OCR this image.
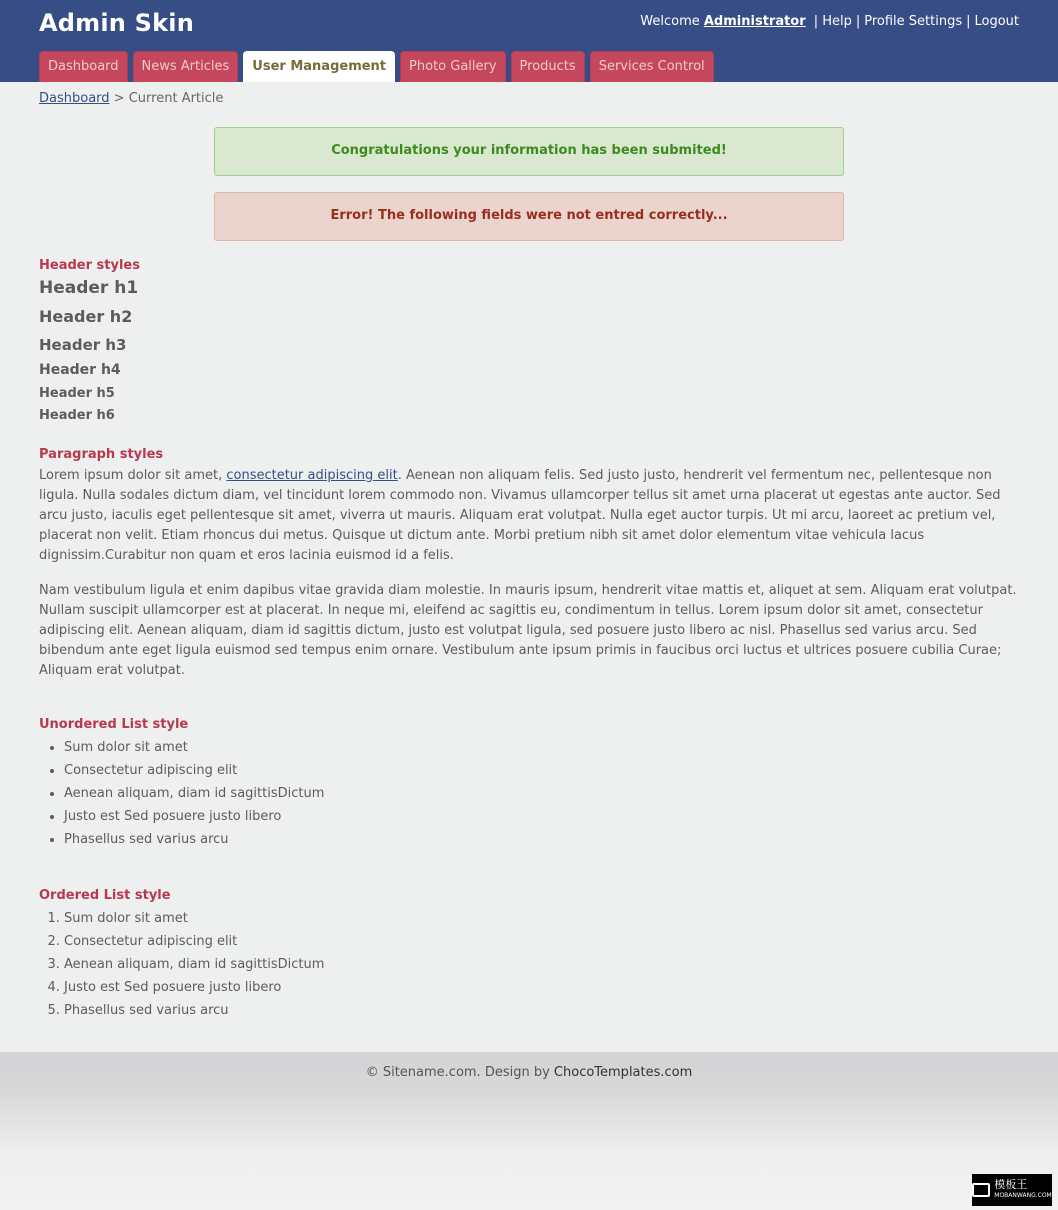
Admin Skin	Welcome Administrator | Help | Profile Settings | Logout
Dashboard	News Articles	User Management	Photo Gallery	Products	Services Control
Dashboard > Current Article
Congratulations your information has been submited!
Error! The following fields were not entred correctly...
Header styles
Header h1
Header h2
Header h3
Header h4
Header h5
Header h6
Paragraph styles

Lorem ipsum dolor sit amet, consectetur adipiscing elit. Aenean non aliquam felis. Sed justo justo, hendrerit vel fermentum nec, pellentesque non ligula. Nulla sodales dictum diam, vel tincidunt lorem commodo non. Vivamus ullamcorper tellus sit amet urna placerat ut egestas ante auctor. Sed arcu justo, iaculis eget pellentesque sit amet, viverra ut mauris. Aliquam erat volutpat. Nulla eget auctor turpis. Ut mi arcu, laoreet ac pretium vel, placerat non velit. Etiam rhoncus dui metus. Quisque ut dictum ante. Morbi pretium nibh sit amet dolor elementum vitae vehicula lacus dignissim.Curabitur non quam et eros lacinia euismod id a felis.

Nam vestibulum ligula et enim dapibus vitae gravida diam molestie. In mauris ipsum, hendrerit vitae mattis et, aliquet at sem. Aliquam erat volutpat. Nullam suscipit ullamcorper est at placerat. In neque mi, eleifend ac sagittis eu, condimentum in tellus. Lorem ipsum dolor sit amet, consectetur adipiscing elit. Aenean aliquam, diam id sagittis dictum, justo est volutpat ligula, sed posuere justo libero ac nisl. Phasellus sed varius arcu. Sed bibendum ante eget ligula euismod sed tempus enim ornare. Vestibulum ante ipsum primis in faucibus orci luctus et ultrices posuere cubilia Curae; Aliquam erat volutpat.

Unordered List style
• Sum dolor sit amet
• Consectetur adipiscing elit
• Aenean aliquam, diam id sagittisDictum
• Justo est Sed posuere justo libero
• Phasellus sed varius arcu
Ordered List style
1. Sum dolor sit amet
2. Consectetur adipiscing elit
3. Aenean aliquam, diam id sagittisDictum
4. Justo est Sed posuere justo libero
5. Phasellus sed varius arcu
© Sitename.com. Design by ChocoTemplates.com
模板王
MOBANWANG.COM
